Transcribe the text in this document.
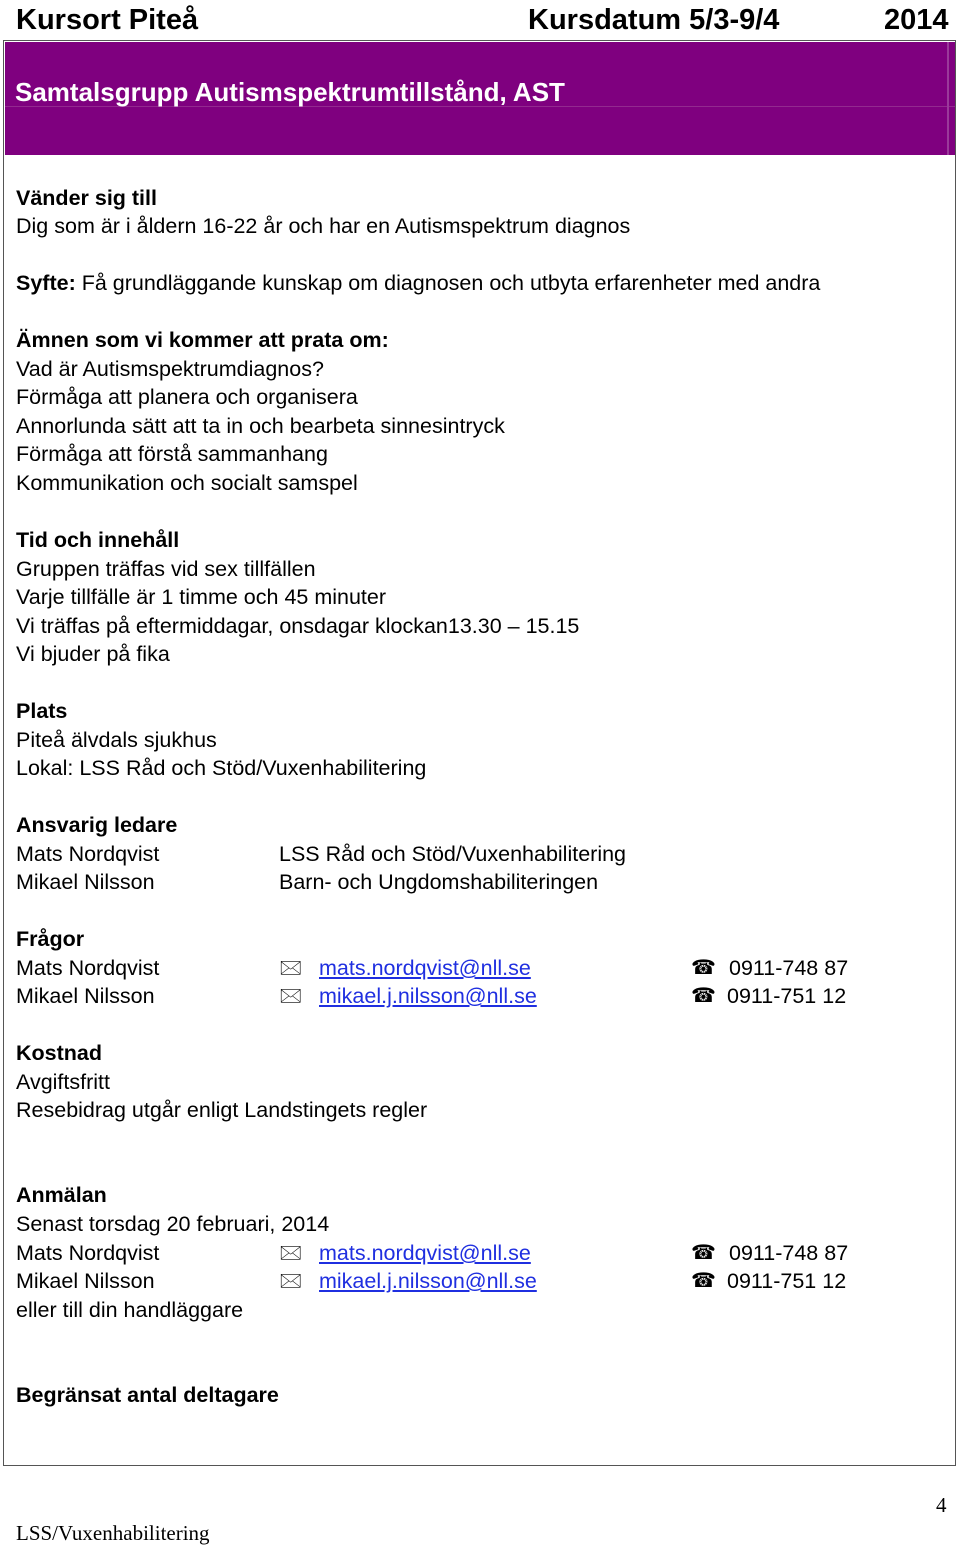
Kursort Piteå	Kursdatum 5/3-9/4	2014
Samtalsgrupp Autismspektrumtillstånd, AST
Vänder sig till
Dig som är i åldern 16-22 år och har en Autismspektrum diagnos
Syfte: Få grundläggande kunskap om diagnosen och utbyta erfarenheter med andra
Ämnen som vi kommer att prata om:
Vad är Autismspektrumdiagnos?
Förmåga att planera och organisera
Annorlunda sätt att ta in och bearbeta sinnesintryck
Förmåga att förstå sammanhang
Kommunikation och socialt samspel
Tid och innehåll
Gruppen träffas vid sex tillfällen
Varje tillfälle är 1 timme och 45 minuter
Vi träffas på eftermiddagar, onsdagar klockan13.30 – 15.15
Vi bjuder på fika
Plats
Piteå älvdals sjukhus
Lokal: LSS Råd och Stöd/Vuxenhabilitering
Ansvarig ledare
Mats Nordqvist	LSS Råd och Stöd/Vuxenhabilitering
Mikael Nilsson	Barn- och Ungdomshabiliteringen
Frågor
Mats Nordqvist	🖂 mats.nordqvist@nll.se	☎ 0911-748 87
Mikael Nilsson	🖂 mikael.j.nilsson@nll.se	☎ 0911-751 12
Kostnad
Avgiftsfritt
Resebidrag utgår enligt Landstingets regler
Anmälan
Senast torsdag 20 februari, 2014
Mats Nordqvist	🖂 mats.nordqvist@nll.se	☎ 0911-748 87
Mikael Nilsson	🖂 mikael.j.nilsson@nll.se	☎ 0911-751 12
eller till din handläggare
Begränsat antal deltagare
LSS/Vuxenhabilitering
4
